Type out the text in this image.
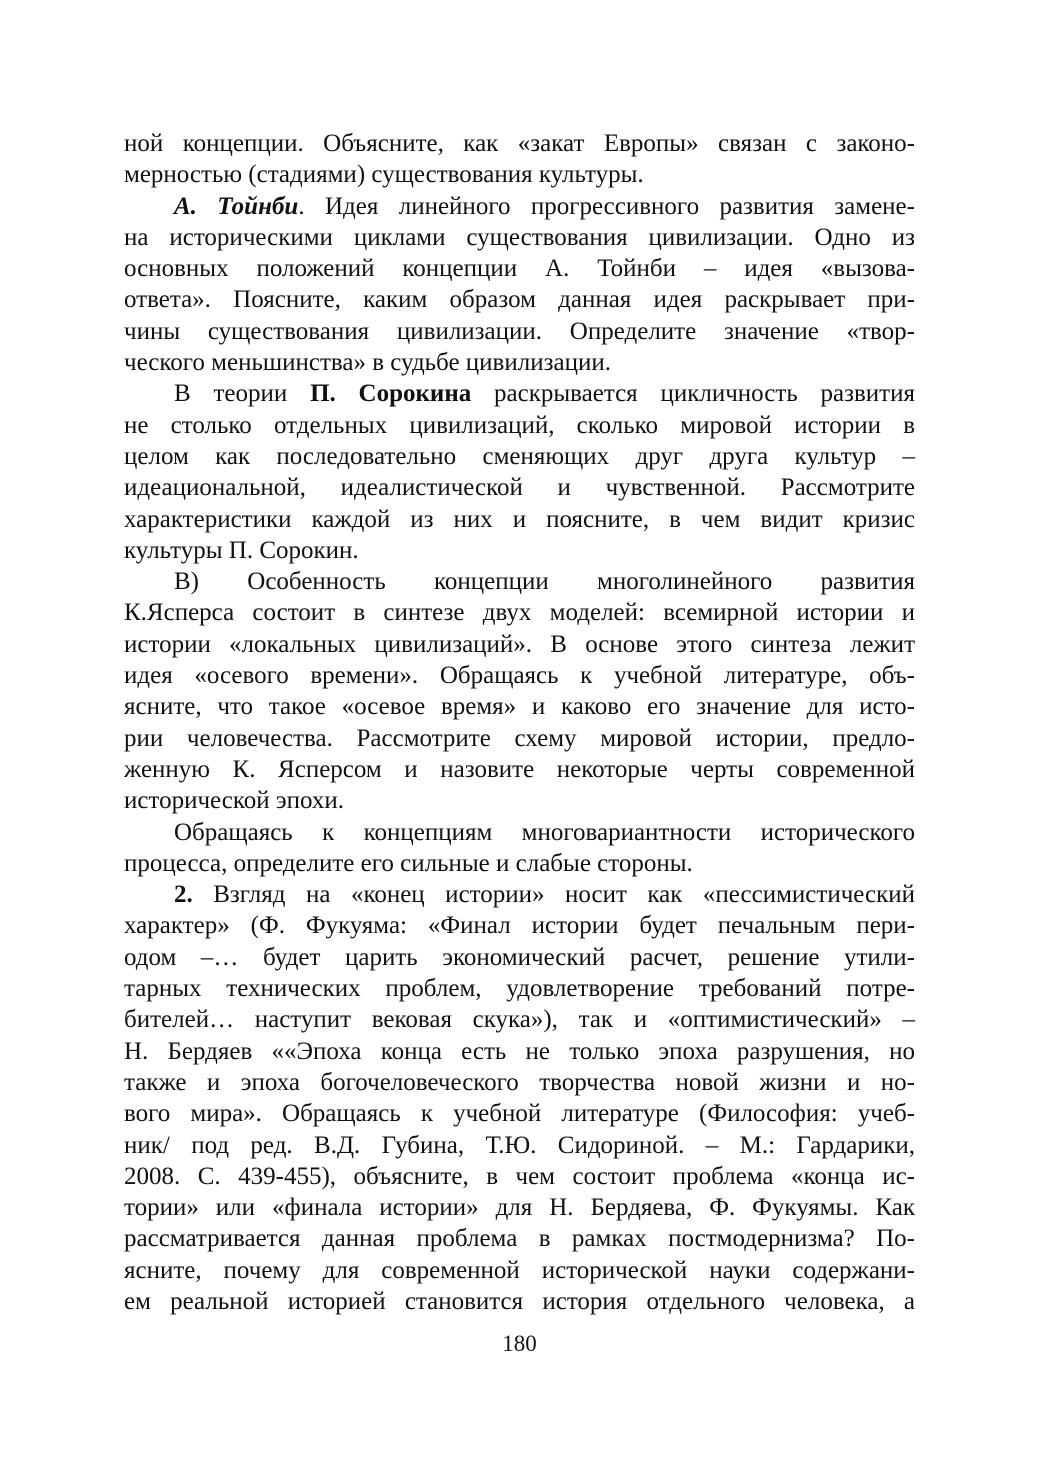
ной концепции. Объясните, как «закат Европы» связан с законо-
мерностью (стадиями) существования культуры.
А. Тойнби. Идея линейного прогрессивного развития замене-
на историческими циклами существования цивилизации. Одно из
основных положений концепции А. Тойнби – идея «вызова-
ответа». Поясните, каким образом данная идея раскрывает при-
чины существования цивилизации. Определите значение «твор-
ческого меньшинства» в судьбе цивилизации.
В теории П. Сорокина раскрывается цикличность развития
не столько отдельных цивилизаций, сколько мировой истории в
целом как последовательно сменяющих друг друга культур –
идеациональной, идеалистической и чувственной. Рассмотрите
характеристики каждой из них и поясните, в чем видит кризис
культуры П. Сорокин.
В) Особенность концепции многолинейного развития
К.Ясперса состоит в синтезе двух моделей: всемирной истории и
истории «локальных цивилизаций». В основе этого синтеза лежит
идея «осевого времени». Обращаясь к учебной литературе, объ-
ясните, что такое «осевое время» и каково его значение для исто-
рии человечества. Рассмотрите схему мировой истории, предло-
женную К. Ясперсом и назовите некоторые черты современной
исторической эпохи.
Обращаясь к концепциям многовариантности исторического
процесса, определите его сильные и слабые стороны.
2. Взгляд на «конец истории» носит как «пессимистический
характер» (Ф. Фукуяма: «Финал истории будет печальным пери-
одом –… будет царить экономический расчет, решение утили-
тарных технических проблем, удовлетворение требований потре-
бителей… наступит вековая скука»), так и «оптимистический» –
Н. Бердяев ««Эпоха конца есть не только эпоха разрушения, но
также и эпоха богочеловеческого творчества новой жизни и но-
вого мира». Обращаясь к учебной литературе (Философия: учеб-
ник/ под ред. В.Д. Губина, Т.Ю. Сидориной. – М.: Гардарики,
2008. С. 439-455), объясните, в чем состоит проблема «конца ис-
тории» или «финала истории» для Н. Бердяева, Ф. Фукуямы. Как
рассматривается данная проблема в рамках постмодернизма? По-
ясните, почему для современной исторической науки содержани-
ем реальной историей становится история отдельного человека, а
180
